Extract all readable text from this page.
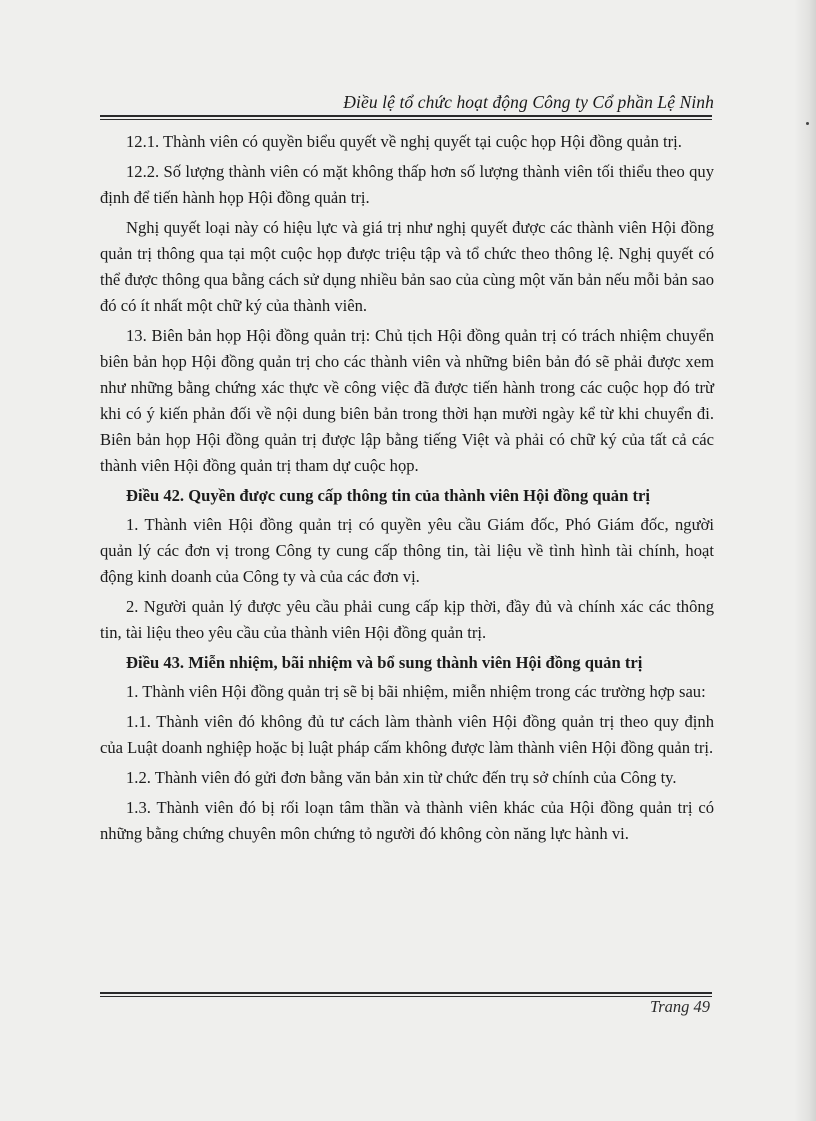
Điều lệ tổ chức hoạt động Công ty Cổ phần Lệ Ninh

12.1. Thành viên có quyền biểu quyết về nghị quyết tại cuộc họp Hội đồng quản trị.

12.2. Số lượng thành viên có mặt không thấp hơn số lượng thành viên tối thiểu theo quy định để tiến hành họp Hội đồng quản trị.

Nghị quyết loại này có hiệu lực và giá trị như nghị quyết được các thành viên Hội đồng quản trị thông qua tại một cuộc họp được triệu tập và tổ chức theo thông lệ. Nghị quyết có thể được thông qua bằng cách sử dụng nhiều bản sao của cùng một văn bản nếu mỗi bản sao đó có ít nhất một chữ ký của thành viên.

13. Biên bản họp Hội đồng quản trị: Chủ tịch Hội đồng quản trị có trách nhiệm chuyển biên bản họp Hội đồng quản trị cho các thành viên và những biên bản đó sẽ phải được xem như những bằng chứng xác thực về công việc đã được tiến hành trong các cuộc họp đó trừ khi có ý kiến phản đối về nội dung biên bản trong thời hạn mười ngày kể từ khi chuyển đi. Biên bản họp Hội đồng quản trị được lập bằng tiếng Việt và phải có chữ ký của tất cả các thành viên Hội đồng quản trị tham dự cuộc họp.

Điều 42. Quyền được cung cấp thông tin của thành viên Hội đồng quản trị

1. Thành viên Hội đồng quản trị có quyền yêu cầu Giám đốc, Phó Giám đốc, người quản lý các đơn vị trong Công ty cung cấp thông tin, tài liệu về tình hình tài chính, hoạt động kinh doanh của Công ty và của các đơn vị.

2. Người quản lý được yêu cầu phải cung cấp kịp thời, đầy đủ và chính xác các thông tin, tài liệu theo yêu cầu của thành viên Hội đồng quản trị.

Điều 43. Miễn nhiệm, bãi nhiệm và bổ sung thành viên Hội đồng quản trị

1. Thành viên Hội đồng quản trị sẽ bị bãi nhiệm, miễn nhiệm trong các trường hợp sau:

1.1. Thành viên đó không đủ tư cách làm thành viên Hội đồng quản trị theo quy định của Luật doanh nghiệp hoặc bị luật pháp cấm không được làm thành viên Hội đồng quản trị.

1.2. Thành viên đó gửi đơn bằng văn bản xin từ chức đến trụ sở chính của Công ty.

1.3. Thành viên đó bị rối loạn tâm thần và thành viên khác của Hội đồng quản trị có những bằng chứng chuyên môn chứng tỏ người đó không còn năng lực hành vi.

Trang 49
